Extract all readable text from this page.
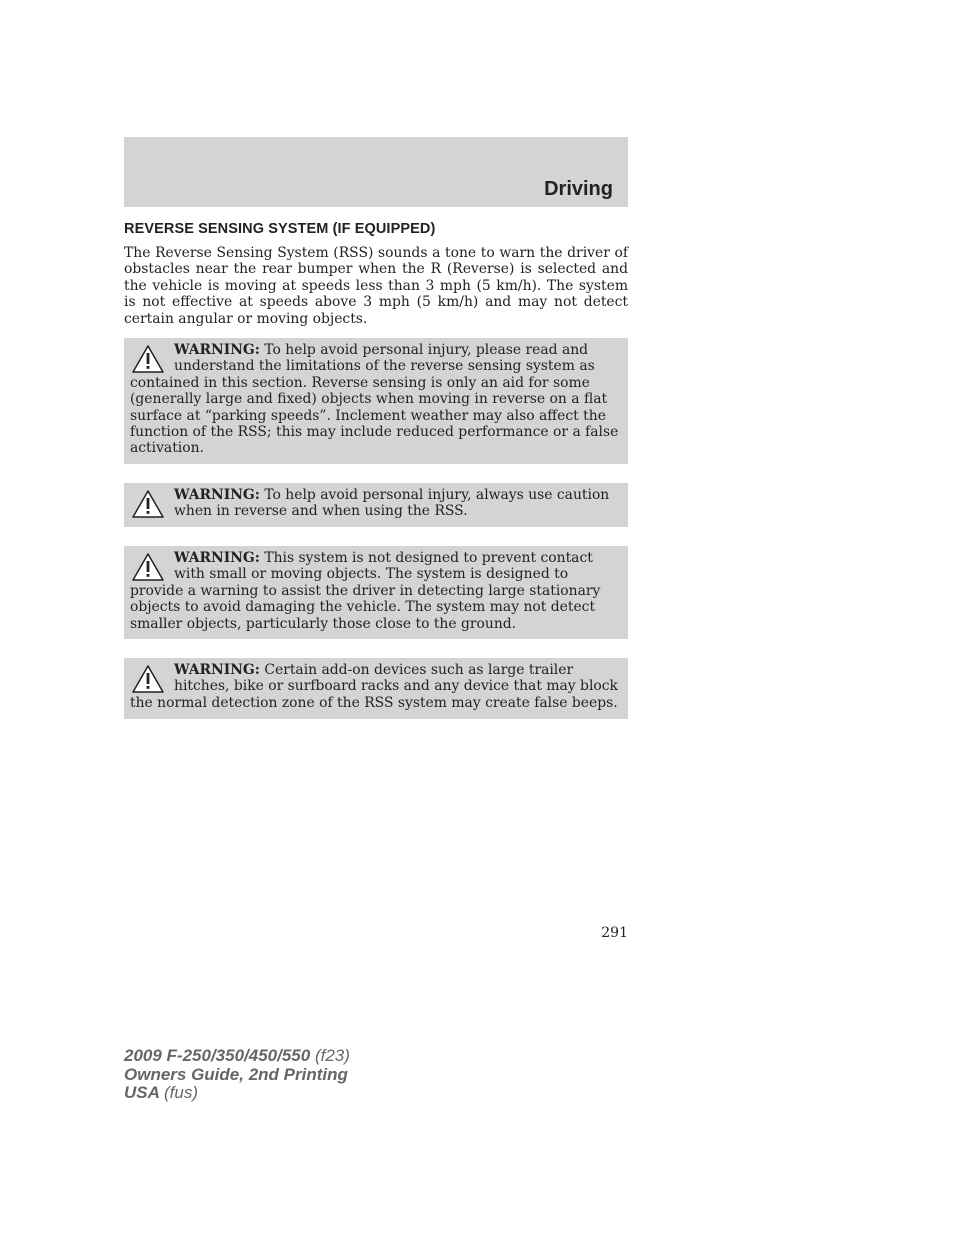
Driving
REVERSE SENSING SYSTEM (IF EQUIPPED)

The Reverse Sensing System (RSS) sounds a tone to warn the driver of obstacles near the rear bumper when the R (Reverse) is selected and the vehicle is moving at speeds less than 3 mph (5 km/h). The system is not effective at speeds above 3 mph (5 km/h) and may not detect certain angular or moving objects.

WARNING: To help avoid personal injury, please read and understand the limitations of the reverse sensing system as contained in this section. Reverse sensing is only an aid for some (generally large and fixed) objects when moving in reverse on a flat surface at “parking speeds”. Inclement weather may also affect the function of the RSS; this may include reduced performance or a false activation.
WARNING: To help avoid personal injury, always use caution when in reverse and when using the RSS.
WARNING: This system is not designed to prevent contact with small or moving objects. The system is designed to provide a warning to assist the driver in detecting large stationary objects to avoid damaging the vehicle. The system may not detect smaller objects, particularly those close to the ground.
WARNING: Certain add-on devices such as large trailer hitches, bike or surfboard racks and any device that may block the normal detection zone of the RSS system may create false beeps.
291
2009 F-250/350/450/550 (f23)
Owners Guide, 2nd Printing
USA (fus)
